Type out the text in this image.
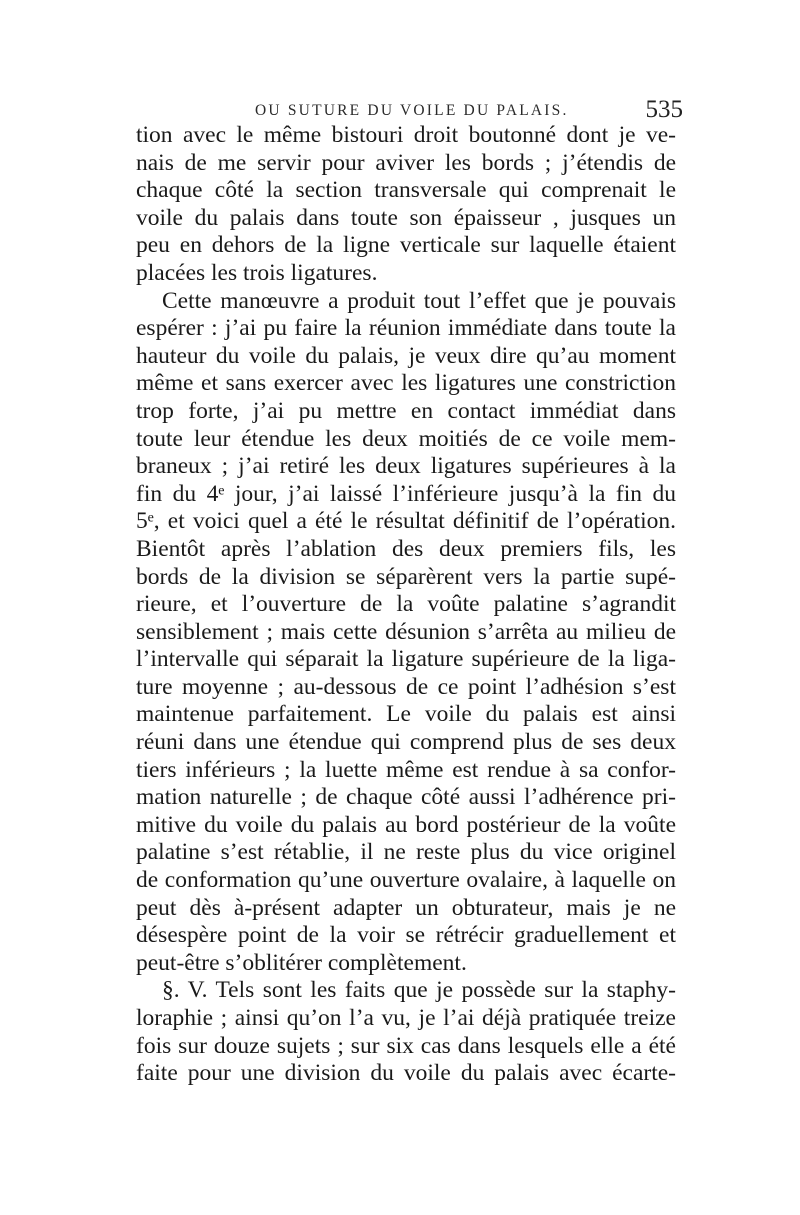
OU SUTURE DU VOILE DU PALAIS.	535
tion avec le même bistouri droit boutonné dont je ve-
nais de me servir pour aviver les bords ; j’étendis de
chaque côté la section transversale qui comprenait le
voile du palais dans toute son épaisseur , jusques un
peu en dehors de la ligne verticale sur laquelle étaient
placées les trois ligatures.
Cette manœuvre a produit tout l’effet que je pouvais
espérer : j’ai pu faire la réunion immédiate dans toute la
hauteur du voile du palais, je veux dire qu’au moment
même et sans exercer avec les ligatures une constriction
trop forte, j’ai pu mettre en contact immédiat dans
toute leur étendue les deux moitiés de ce voile mem-
braneux ; j’ai retiré les deux ligatures supérieures à la
fin du 4ᵉ jour, j’ai laissé l’inférieure jusqu’à la fin du
5ᵉ, et voici quel a été le résultat définitif de l’opération.
Bientôt après l’ablation des deux premiers fils, les
bords de la division se séparèrent vers la partie supé-
rieure, et l’ouverture de la voûte palatine s’agrandit
sensiblement ; mais cette désunion s’arrêta au milieu de
l’intervalle qui séparait la ligature supérieure de la liga-
ture moyenne ; au-dessous de ce point l’adhésion s’est
maintenue parfaitement. Le voile du palais est ainsi
réuni dans une étendue qui comprend plus de ses deux
tiers inférieurs ; la luette même est rendue à sa confor-
mation naturelle ; de chaque côté aussi l’adhérence pri-
mitive du voile du palais au bord postérieur de la voûte
palatine s’est rétablie, il ne reste plus du vice originel
de conformation qu’une ouverture ovalaire, à laquelle on
peut dès à-présent adapter un obturateur, mais je ne
désespère point de la voir se rétrécir graduellement et
peut-être s’oblitérer complètement.
§. V. Tels sont les faits que je possède sur la staphy-
loraphie ; ainsi qu’on l’a vu, je l’ai déjà pratiquée treize
fois sur douze sujets ; sur six cas dans lesquels elle a été
faite pour une division du voile du palais avec écarte-
